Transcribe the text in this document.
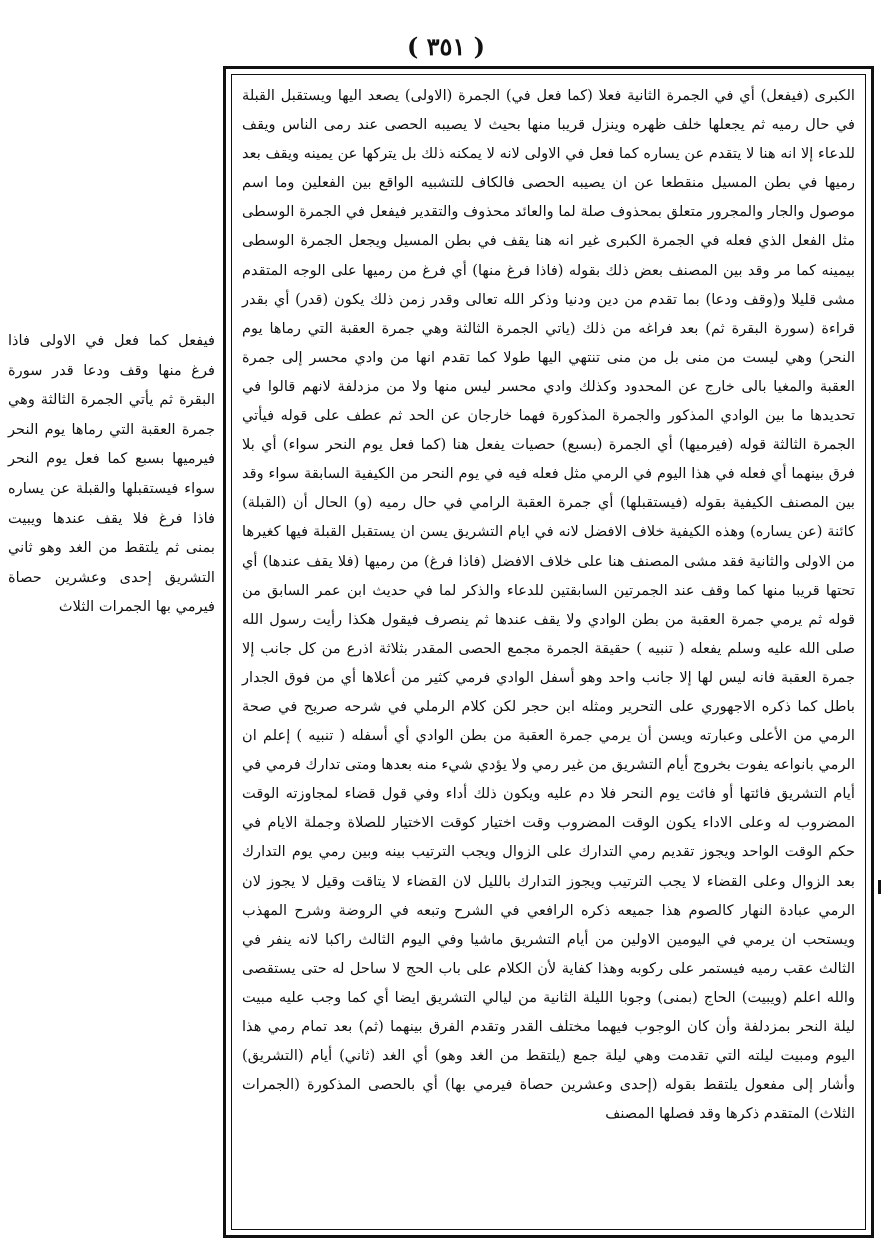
( ٣٥١ )
فيفعل كما فعل في الاولى فاذا فرغ منها وقف ودعا قدر سورة البقرة ثم يأتي الجمرة الثالثة وهي جمرة العقبة التي رماها يوم النحر فيرميها بسبع كما فعل يوم النحر سواء فيستقبلها والقبلة عن يساره فاذا فرغ فلا يقف عندها ويبيت بمنى ثم يلتقط من الغد وهو ثاني التشريق إحدى وعشرين حصاة فيرمي بها الجمرات الثلاث

الكبرى (فيفعل) أي في الجمرة الثانية فعلا (كما فعل في) الجمرة (الاولى) يصعد اليها ويستقبل القبلة في حال رميه ثم يجعلها خلف ظهره وينزل قريبا منها بحيث لا يصيبه الحصى عند رمى الناس ويقف للدعاء إلا انه هنا لا يتقدم عن يساره كما فعل في الاولى لانه لا يمكنه ذلك بل يتركها عن يمينه ويقف بعد رميها في بطن المسيل منقطعا عن ان يصيبه الحصى فالكاف للتشبيه الواقع بين الفعلين وما اسم موصول والجار والمجرور متعلق بمحذوف صلة لما والعائد محذوف والتقدير فيفعل في الجمرة الوسطى مثل الفعل الذي فعله في الجمرة الكبرى غير انه هنا يقف في بطن المسيل ويجعل الجمرة الوسطى بيمينه كما مر وقد بين المصنف بعض ذلك بقوله (فاذا فرغ منها) أي فرغ من رميها على الوجه المتقدم مشى قليلا و(وقف ودعا) بما تقدم من دين ودنيا وذكر الله تعالى وقدر زمن ذلك يكون (قدر) أي بقدر قراءة (سورة البقرة ثم) بعد فراغه من ذلك (ياتي الجمرة الثالثة وهي جمرة العقبة التي رماها يوم النحر) وهي ليست من منى بل من منى تنتهي اليها طولا كما تقدم انها من وادي محسر إلى جمرة العقبة والمغيا بالى خارج عن المحدود وكذلك وادي محسر ليس منها ولا من مزدلفة لانهم قالوا في تحديدها ما بين الوادي المذكور والجمرة المذكورة فهما خارجان عن الحد ثم عطف على قوله فيأتي الجمرة الثالثة قوله (فيرميها) أي الجمرة (بسبع) حصيات يفعل هنا (كما فعل يوم النحر سواء) أي بلا فرق بينهما أي فعله في هذا اليوم في الرمي مثل فعله فيه في يوم النحر من الكيفية السابقة سواء وقد بين المصنف الكيفية بقوله (فيستقبلها) أي جمرة العقبة الرامي في حال رميه (و) الحال أن (القبلة) كائنة (عن يساره) وهذه الكيفية خلاف الافضل لانه في ايام التشريق يسن ان يستقبل القبلة فيها كغيرها من الاولى والثانية فقد مشى المصنف هنا على خلاف الافضل (فاذا فرغ) من رميها (فلا يقف عندها) أي تحتها قريبا منها كما وقف عند الجمرتين السابقتين للدعاء والذكر لما في حديث ابن عمر السابق من قوله ثم يرمي جمرة العقبة من بطن الوادي ولا يقف عندها ثم ينصرف فيقول هكذا رأيت رسول الله صلى الله عليه وسلم يفعله ( تنبيه ) حقيقة الجمرة مجمع الحصى المقدر بثلاثة اذرع من كل جانب إلا جمرة العقبة فانه ليس لها إلا جانب واحد وهو أسفل الوادي فرمي كثير من أعلاها أي من فوق الجدار باطل كما ذكره الاجهوري على التحرير ومثله ابن حجر لكن كلام الرملي في شرحه صريح في صحة الرمي من الأعلى وعبارته ويسن أن يرمي جمرة العقبة من بطن الوادي أي أسفله ( تنبيه ) إعلم ان الرمي بانواعه يفوت بخروج أيام التشريق من غير رمي ولا يؤدي شيء منه بعدها ومتى تدارك فرمي في أيام التشريق فائتها أو فائت يوم النحر فلا دم عليه ويكون ذلك أداء وفي قول قضاء لمجاوزته الوقت المضروب له وعلى الاداء يكون الوقت المضروب وقت اختيار كوقت الاختيار للصلاة وجملة الايام في حكم الوقت الواحد ويجوز تقديم رمي التدارك على الزوال ويجب الترتيب بينه وبين رمي يوم التدارك بعد الزوال وعلى القضاء لا يجب الترتيب ويجوز التدارك بالليل لان القضاء لا يتاقت وقيل لا يجوز لان الرمي عبادة النهار كالصوم هذا جميعه ذكره الرافعي في الشرح وتبعه في الروضة وشرح المهذب ويستحب ان يرمي في اليومين الاولين من أيام التشريق ماشيا وفي اليوم الثالث راكبا لانه ينفر في الثالث عقب رميه فيستمر على ركوبه وهذا كفاية لأن الكلام على باب الحج لا ساحل له حتى يستقصى والله اعلم (ويبيت) الحاج (بمنى) وجوبا الليلة الثانية من ليالي التشريق ايضا أي كما وجب عليه مبيت ليلة النحر بمزدلفة وأن كان الوجوب فيهما مختلف القدر وتقدم الفرق بينهما (ثم) بعد تمام رمي هذا اليوم ومبيت ليلته التي تقدمت وهي ليلة جمع (يلتقط من الغد وهو) أي الغد (ثاني) أيام (التشريق) وأشار إلى مفعول يلتقط بقوله (إحدى وعشرين حصاة فيرمي بها) أي بالحصى المذكورة (الجمرات الثلاث) المتقدم ذكرها وقد فصلها المصنف
